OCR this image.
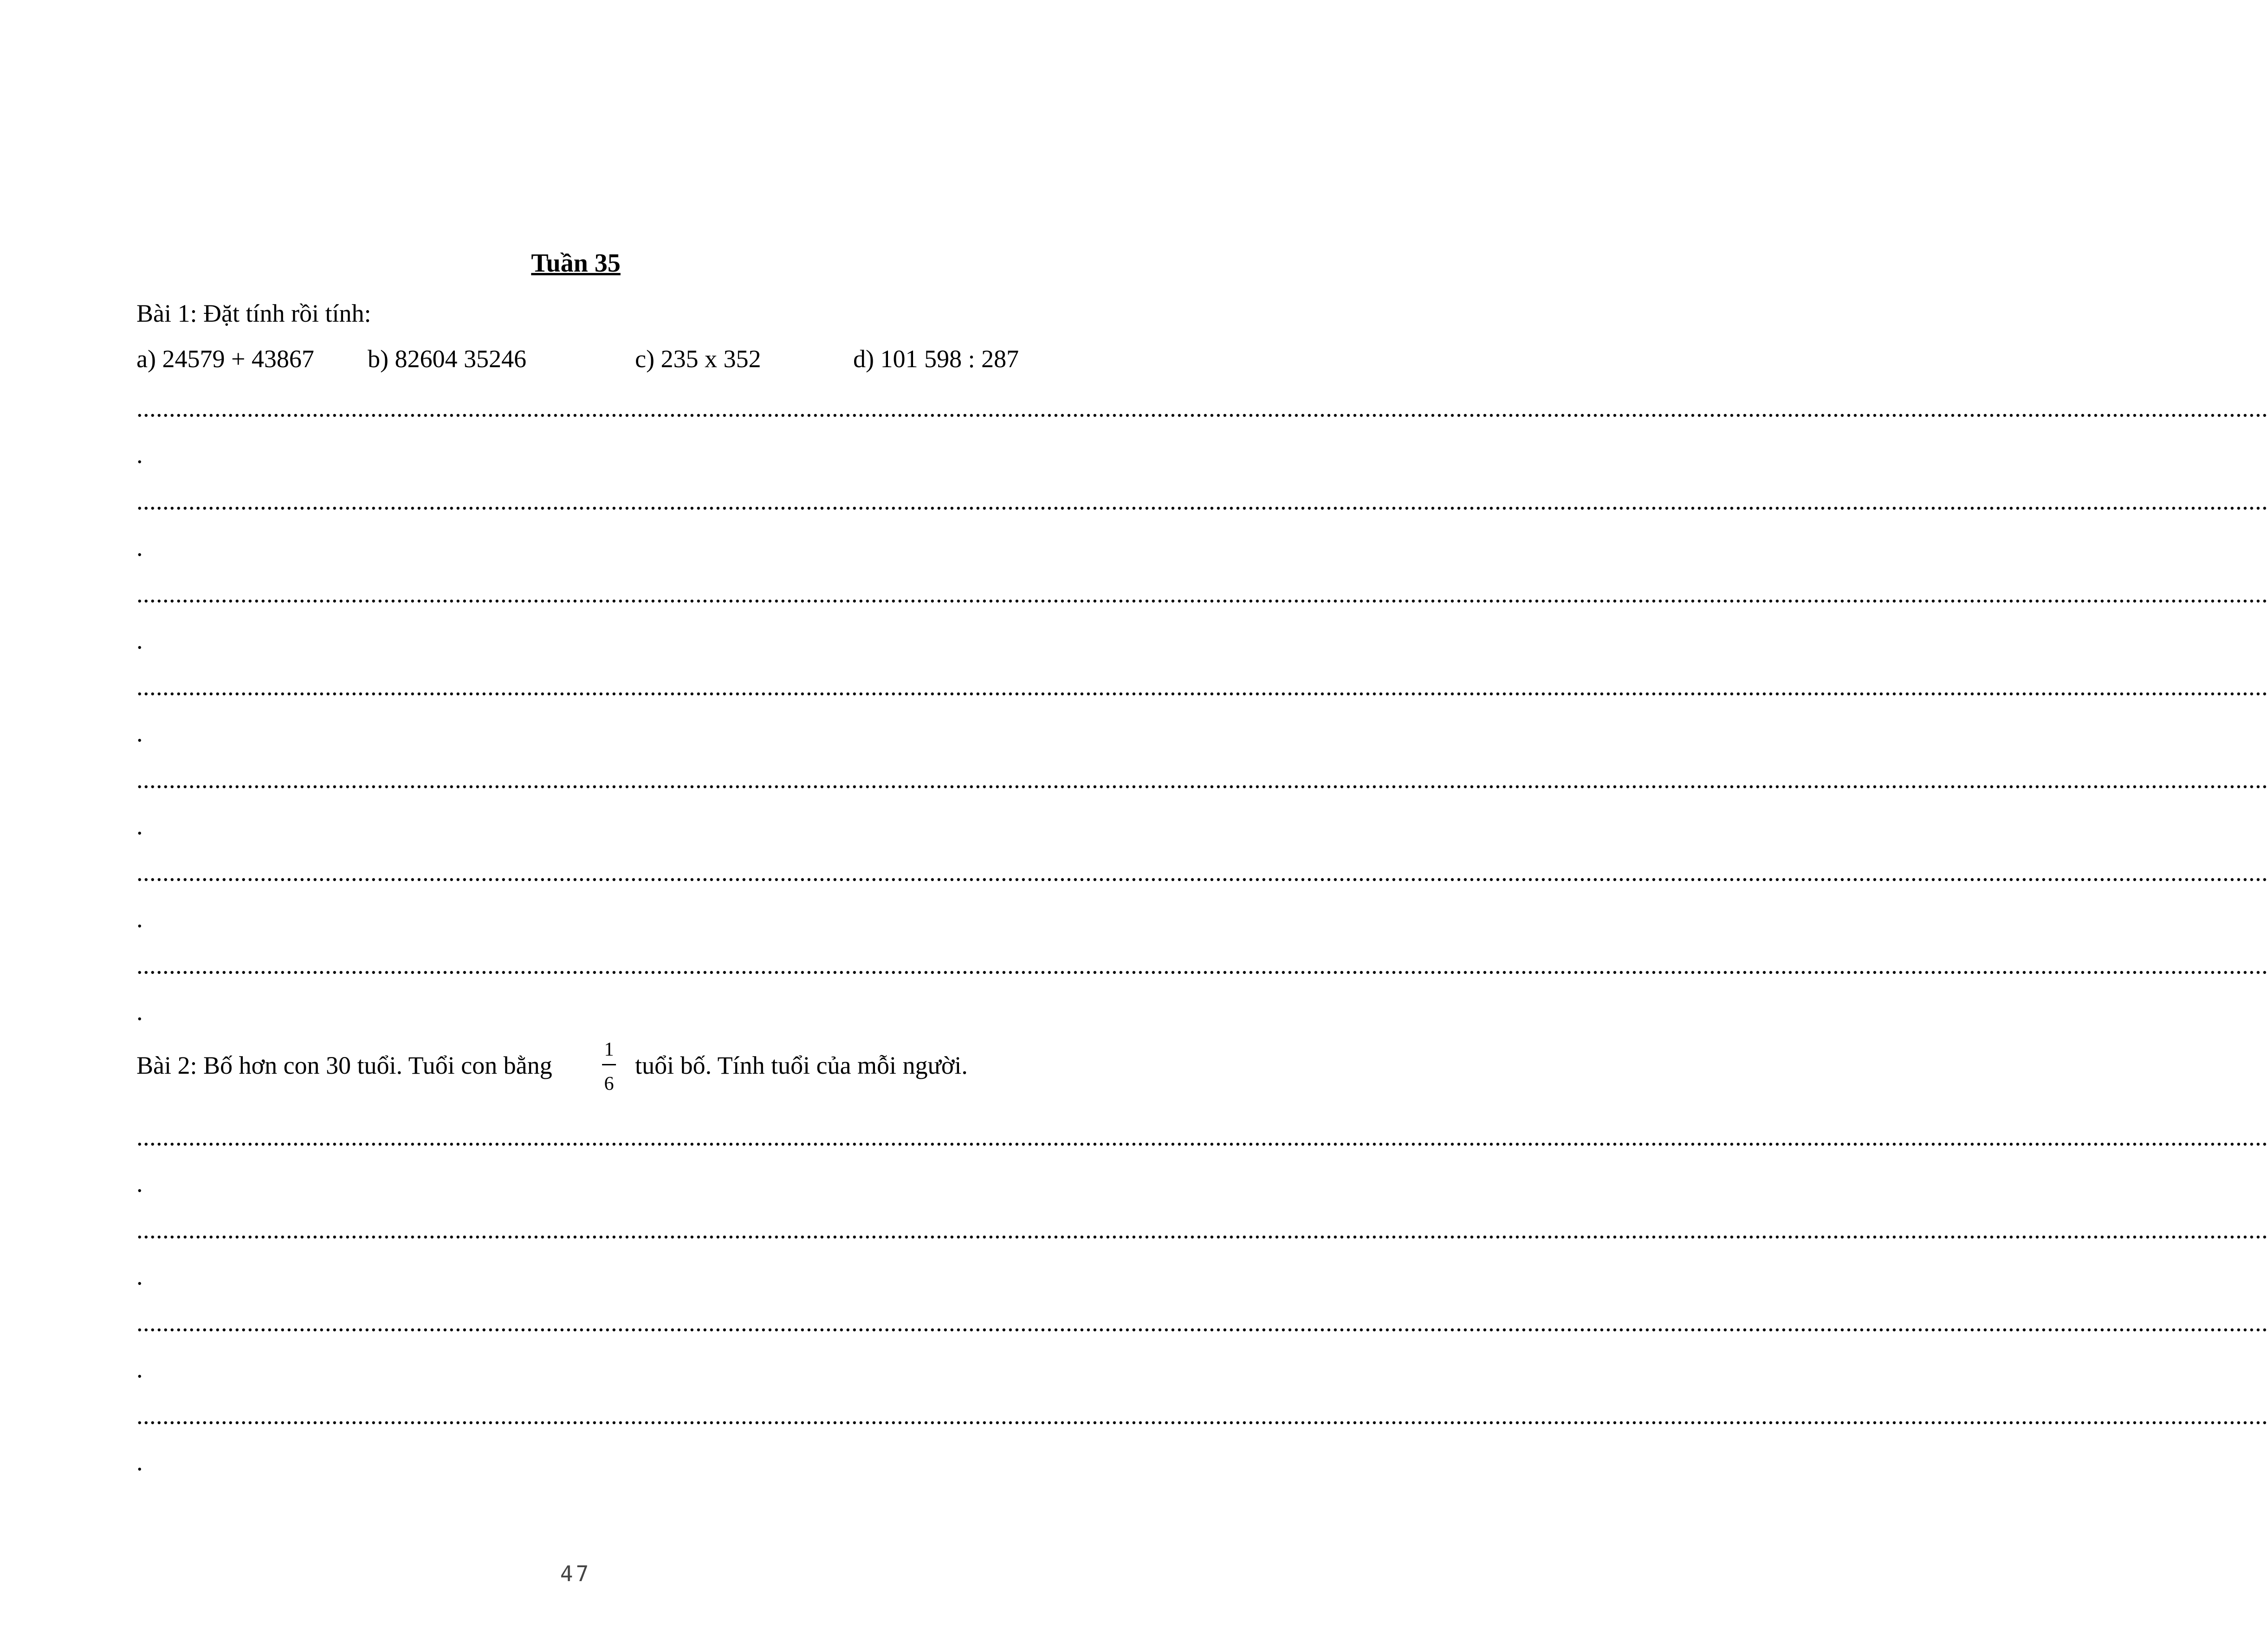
Tuần 35
Bài 1: Đặt tính rồi tính:
a) 24579 + 43867 b) 82604 35246	c) 235 x 352	d) 101 598 : 287
........................................................................................................................................................................................................................................................................................................................................
.
........................................................................................................................................................................................................................................................................................................................................
.
........................................................................................................................................................................................................................................................................................................................................
.
........................................................................................................................................................................................................................................................................................................................................
.
........................................................................................................................................................................................................................................................................................................................................
.
........................................................................................................................................................................................................................................................................................................................................
.
........................................................................................................................................................................................................................................................................................................................................
.
Bài 2: Bố hơn con 30 tuổi. Tuổi con bằng
1
6
tuổi bố. Tính tuổi của mỗi người.
........................................................................................................................................................................................................................................................................................................................................
.
........................................................................................................................................................................................................................................................................................................................................
.
........................................................................................................................................................................................................................................................................................................................................
.
........................................................................................................................................................................................................................................................................................................................................
.
47
